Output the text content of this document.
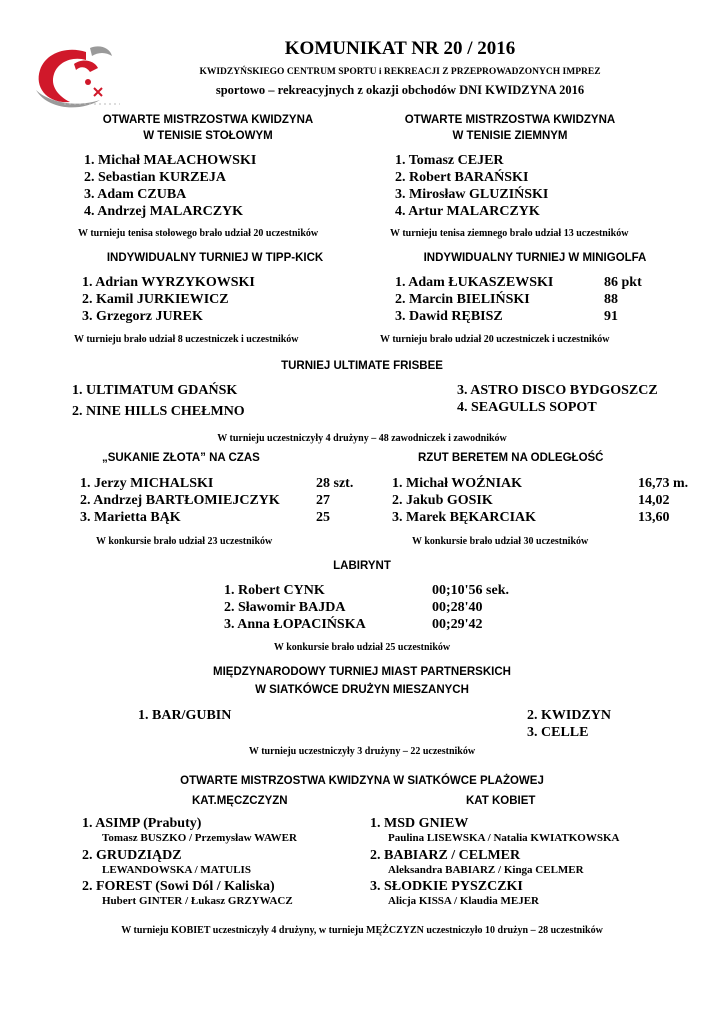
KOMUNIKAT NR 20 / 2016
KWIDZYŃSKIEGO CENTRUM SPORTU i REKREACJI Z PRZEPROWADZONYCH IMPREZ
sportowo – rekreacyjnych z okazji obchodów DNI KWIDZYNA 2016
OTWARTE MISTRZOSTWA KWIDZYNA
W TENISIE STOŁOWYM
1. Michał MAŁACHOWSKI
2. Sebastian KURZEJA
3. Adam CZUBA
4. Andrzej MALARCZYK
W turnieju tenisa stołowego brało udział 20 uczestników
OTWARTE MISTRZOSTWA KWIDZYNA
W TENISIE ZIEMNYM
1. Tomasz CEJER
2. Robert BARAŃSKI
3. Mirosław GLUZIŃSKI
4. Artur MALARCZYK
W turnieju tenisa ziemnego brało udział 13 uczestników
INDYWIDUALNY TURNIEJ W TIPP-KICK
1. Adrian WYRZYKOWSKI
2. Kamil JURKIEWICZ
3. Grzegorz JUREK
W turnieju brało udział 8 uczestniczek i uczestników
INDYWIDUALNY TURNIEJ W MINIGOLFA
1. Adam ŁUKASZEWSKI	86 pkt
2. Marcin BIELIŃSKI	88
3. Dawid RĘBISZ	91
W turnieju brało udział 20 uczestniczek i uczestników
TURNIEJ ULTIMATE FRISBEE
1. ULTIMATUM GDAŃSK
2. NINE HILLS CHEŁMNO
3. ASTRO DISCO BYDGOSZCZ
4. SEAGULLS SOPOT
W turnieju uczestniczyły 4 drużyny – 48 zawodniczek i zawodników
„SUKANIE ZŁOTA” NA CZAS
1. Jerzy MICHALSKI	28 szt.
2. Andrzej BARTŁOMIEJCZYK	27
3. Marietta BĄK	25
W konkursie brało udział 23 uczestników
RZUT BERETEM NA ODLEGŁOŚĆ
1. Michał WOŹNIAK	16,73 m.
2. Jakub GOSIK	14,02
3. Marek BĘKARCIAK	13,60
W konkursie brało udział 30 uczestników
LABIRYNT
1. Robert CYNK	00;10'56 sek.
2. Sławomir BAJDA	00;28'40
3. Anna ŁOPACIŃSKA	00;29'42
W konkursie brało udział 25 uczestników
MIĘDZYNARODOWY TURNIEJ MIAST PARTNERSKICH
W SIATKÓWCE DRUŻYN MIESZANYCH
1. BAR/GUBIN	2. KWIDZYN
3. CELLE
W turnieju uczestniczyły 3 drużyny – 22 uczestników
OTWARTE MISTRZOSTWA KWIDZYNA W SIATKÓWCE PLAŻOWEJ
KAT.MĘCZCZYZN	KAT KOBIET
1. ASIMP (Prabuty)
Tomasz BUSZKO / Przemysław WAWER
2. GRUDZIĄDZ
LEWANDOWSKA / MATULIS
2. FOREST (Sowi Dól / Kaliska)
Hubert GINTER / Łukasz GRZYWACZ
1. MSD GNIEW
Paulina LISEWSKA / Natalia KWIATKOWSKA
2. BABIARZ / CELMER
Aleksandra BABIARZ / Kinga CELMER
3. SŁODKIE PYSZCZKI
Alicja KISSA / Klaudia MEJER
W turnieju KOBIET uczestniczyły 4 drużyny, w turnieju MĘŻCZYZN uczestniczyło 10 drużyn – 28 uczestników
